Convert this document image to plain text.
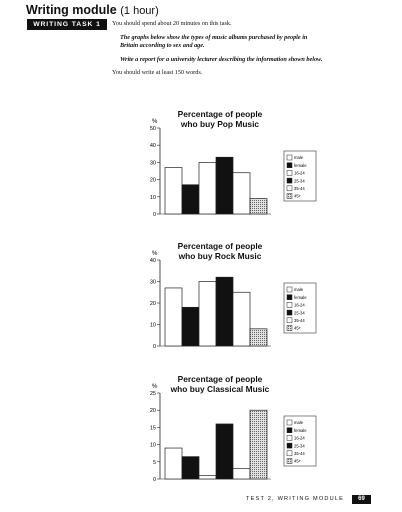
Writing module (1 hour)
WRITING TASK 1	You should spend about 20 minutes on this task.
The graphs below show the types of music albums purchased by people in
Britain according to sex and age.
Write a report for a university lecturer describing the information shown below.
You should write at least 150 words.
Percentage of people
who buy Pop Music
%
0
10
20
30
40
50
male
female
16-24
25-34
35-44
45+
Percentage of people
who buy Rock Music
%
0
10
20
30
40
male
female
16-24
25-34
35-44
45+
Percentage of people
who buy Classical Music
%
0
5
10
15
20
25
male
female
16-24
25-34
35-44
45+
TEST 2, WRITING MODULE	69
